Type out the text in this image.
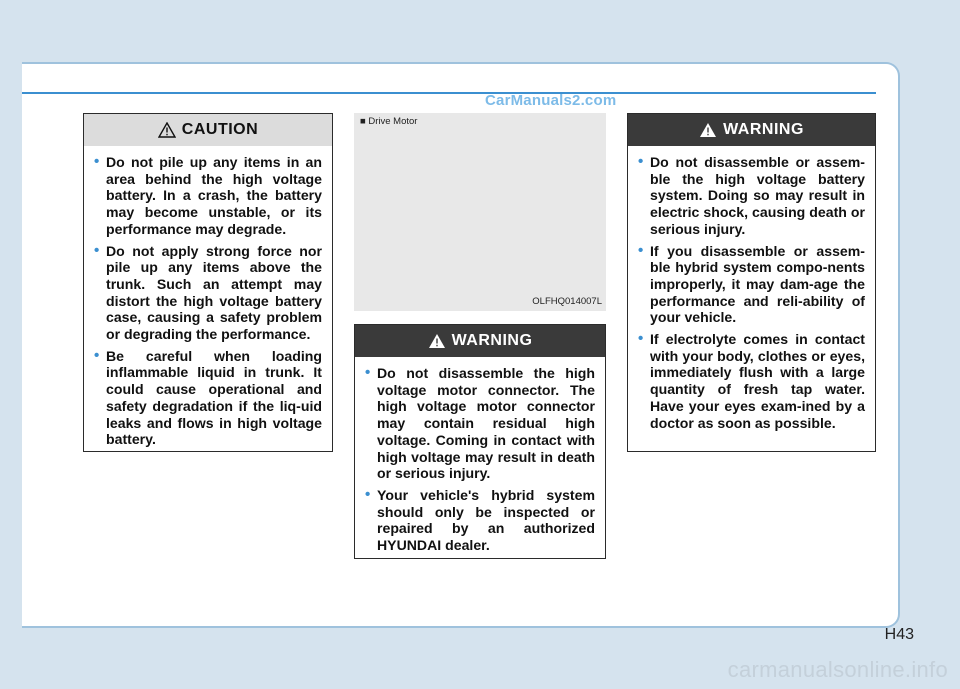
CarManuals2.com
CAUTION
• Do not pile up any items in an area behind the high voltage battery. In a crash, the battery may become unstable, or its performance may degrade.
• Do not apply strong force nor pile up any items above the trunk. Such an attempt may distort the high voltage battery case, causing a safety problem or degrading the performance.
• Be careful when loading inflammable liquid in trunk. It could cause operational and safety degradation if the liq-uid leaks and flows in high voltage battery.
■ Drive Motor
OLFHQ014007L
WARNING
• Do not disassemble the high voltage motor connector. The high voltage motor connector may contain residual high voltage. Coming in contact with high voltage may result in death or serious injury.
• Your vehicle's hybrid system should only be inspected or repaired by an authorized HYUNDAI dealer.
WARNING
• Do not disassemble or assem-ble the high voltage battery system. Doing so may result in electric shock, causing death or serious injury.
• If you disassemble or assem-ble hybrid system compo-nents improperly, it may dam-age the performance and reli-ability of your vehicle.
• If electrolyte comes in contact with your body, clothes or eyes, immediately flush with a large quantity of fresh tap water. Have your eyes exam-ined by a doctor as soon as possible.
H43
carmanualsonline.info
